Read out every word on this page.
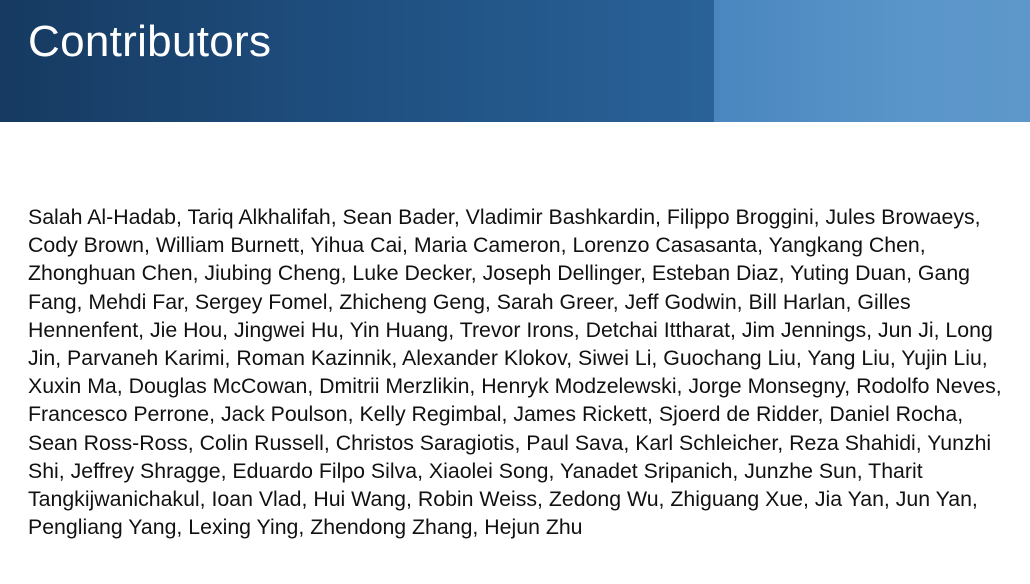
Contributors

Salah Al-Hadab, Tariq Alkhalifah, Sean Bader, Vladimir Bashkardin, Filippo Broggini, Jules Browaeys, Cody Brown, William Burnett, Yihua Cai, Maria Cameron, Lorenzo Casasanta, Yangkang Chen, Zhonghuan Chen, Jiubing Cheng, Luke Decker, Joseph Dellinger, Esteban Diaz, Yuting Duan, Gang Fang, Mehdi Far, Sergey Fomel, Zhicheng Geng, Sarah Greer, Jeff Godwin, Bill Harlan, Gilles Hennenfent, Jie Hou, Jingwei Hu, Yin Huang, Trevor Irons, Detchai Ittharat, Jim Jennings, Jun Ji, Long Jin, Parvaneh Karimi, Roman Kazinnik, Alexander Klokov, Siwei Li, Guochang Liu, Yang Liu, Yujin Liu, Xuxin Ma, Douglas McCowan, Dmitrii Merzlikin, Henryk Modzelewski, Jorge Monsegny, Rodolfo Neves, Francesco Perrone, Jack Poulson, Kelly Regimbal, James Rickett, Sjoerd de Ridder, Daniel Rocha, Sean Ross-Ross, Colin Russell, Christos Saragiotis, Paul Sava, Karl Schleicher, Reza Shahidi, Yunzhi Shi, Jeffrey Shragge, Eduardo Filpo Silva, Xiaolei Song, Yanadet Sripanich, Junzhe Sun, Tharit Tangkijwanichakul, Ioan Vlad, Hui Wang, Robin Weiss, Zedong Wu, Zhiguang Xue, Jia Yan, Jun Yan, Pengliang Yang, Lexing Ying, Zhendong Zhang, Hejun Zhu
